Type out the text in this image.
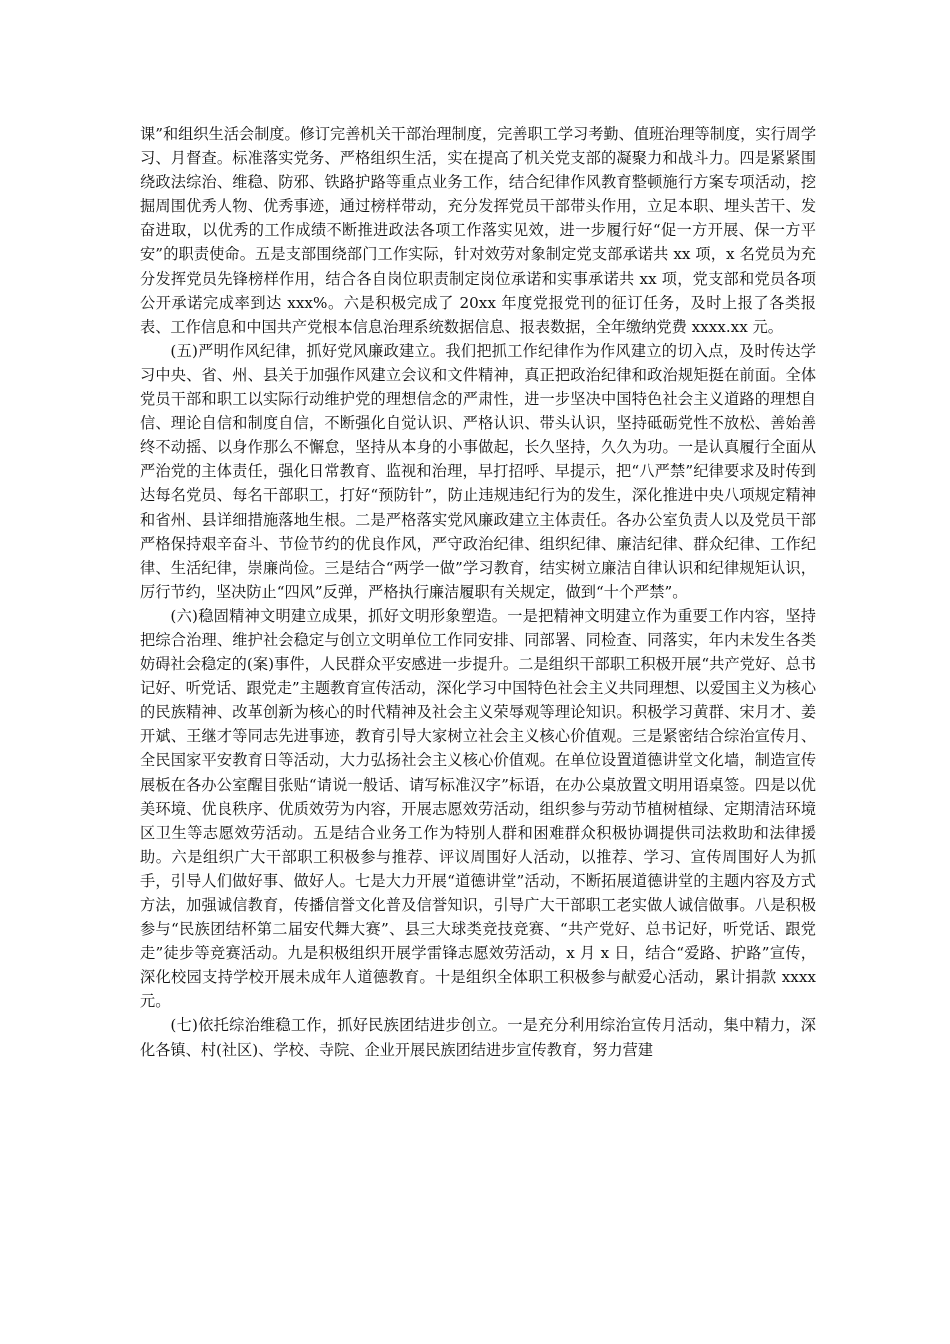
课”和组织生活会制度。修订完善机关干部治理制度，完善职工学习考勤、值班治理等制度，实行周学习、月督查。标准落实党务、严格组织生活，实在提高了机关党支部的凝聚力和战斗力。四是紧紧围绕政法综治、维稳、防邪、铁路护路等重点业务工作，结合纪律作风教育整顿施行方案专项活动，挖掘周围优秀人物、优秀事迹，通过榜样带动，充分发挥党员干部带头作用，立足本职、埋头苦干、发奋进取，以优秀的工作成绩不断推进政法各项工作落实见效，进一步履行好“促一方开展、保一方平安”的职责使命。五是支部围绕部门工作实际，针对效劳对象制定党支部承诺共 xx 项，x 名党员为充分发挥党员先锋榜样作用，结合各自岗位职责制定岗位承诺和实事承诺共 xx 项，党支部和党员各项公开承诺完成率到达 xxx%。六是积极完成了 20xx 年度党报党刊的征订任务，及时上报了各类报表、工作信息和中国共产党根本信息治理系统数据信息、报表数据，全年缴纳党费 xxxx.xx 元。

(五)严明作风纪律，抓好党风廉政建立。我们把抓工作纪律作为作风建立的切入点，及时传达学习中央、省、州、县关于加强作风建立会议和文件精神，真正把政治纪律和政治规矩挺在前面。全体党员干部和职工以实际行动维护党的理想信念的严肃性，进一步坚决中国特色社会主义道路的理想自信、理论自信和制度自信，不断强化自觉认识、严格认识、带头认识，坚持砥砺党性不放松、善始善终不动摇、以身作那么不懈怠，坚持从本身的小事做起，长久坚持，久久为功。一是认真履行全面从严治党的主体责任，强化日常教育、监视和治理，早打招呼、早提示，把“八严禁”纪律要求及时传到达每名党员、每名干部职工，打好“预防针”，防止违规违纪行为的发生，深化推进中央八项规定精神和省州、县详细措施落地生根。二是严格落实党风廉政建立主体责任。各办公室负责人以及党员干部严格保持艰辛奋斗、节俭节约的优良作风，严守政治纪律、组织纪律、廉洁纪律、群众纪律、工作纪律、生活纪律，崇廉尚俭。三是结合“两学一做”学习教育，结实树立廉洁自律认识和纪律规矩认识，厉行节约，坚决防止“四风”反弹，严格执行廉洁履职有关规定，做到“十个严禁”。

(六)稳固精神文明建立成果，抓好文明形象塑造。一是把精神文明建立作为重要工作内容，坚持把综合治理、维护社会稳定与创立文明单位工作同安排、同部署、同检查、同落实，年内未发生各类妨碍社会稳定的(案)事件，人民群众平安感进一步提升。二是组织干部职工积极开展“共产党好、总书记好、听党话、跟党走”主题教育宣传活动，深化学习中国特色社会主义共同理想、以爱国主义为核心的民族精神、改革创新为核心的时代精神及社会主义荣辱观等理论知识。积极学习黄群、宋月才、姜开斌、王继才等同志先进事迹，教育引导大家树立社会主义核心价值观。三是紧密结合综治宣传月、全民国家平安教育日等活动，大力弘扬社会主义核心价值观。在单位设置道德讲堂文化墙，制造宣传展板在各办公室醒目张贴“请说一般话、请写标准汉字”标语，在办公桌放置文明用语桌签。四是以优美环境、优良秩序、优质效劳为内容，开展志愿效劳活动，组织参与劳动节植树植绿、定期清洁环境区卫生等志愿效劳活动。五是结合业务工作为特别人群和困难群众积极协调提供司法救助和法律援助。六是组织广大干部职工积极参与推荐、评议周围好人活动，以推荐、学习、宣传周围好人为抓手，引导人们做好事、做好人。七是大力开展“道德讲堂”活动，不断拓展道德讲堂的主题内容及方式方法，加强诚信教育，传播信誉文化普及信誉知识，引导广大干部职工老实做人诚信做事。八是积极参与“民族团结杯第二届安代舞大赛”、县三大球类竞技竞赛、“共产党好、总书记好，听党话、跟党走”徒步等竞赛活动。九是积极组织开展学雷锋志愿效劳活动，x 月 x 日，结合“爱路、护路”宣传，深化校园支持学校开展未成年人道德教育。十是组织全体职工积极参与献爱心活动，累计捐款 xxxx 元。

(七)依托综治维稳工作，抓好民族团结进步创立。一是充分利用综治宣传月活动，集中精力，深化各镇、村(社区)、学校、寺院、企业开展民族团结进步宣传教育，努力营建
